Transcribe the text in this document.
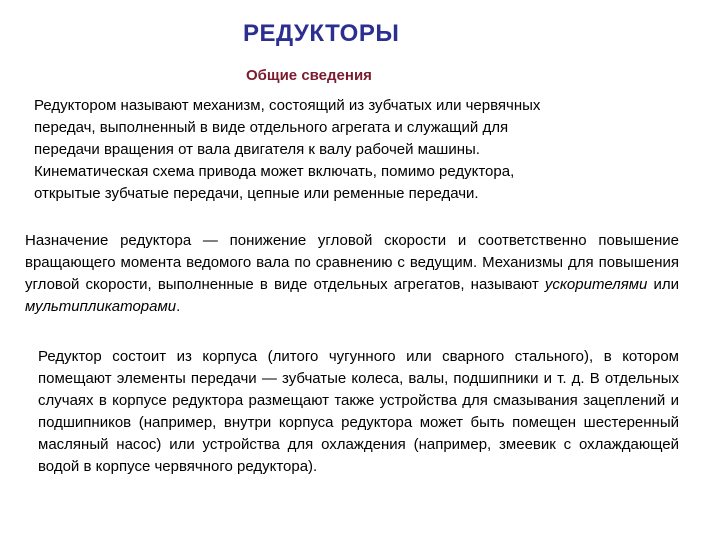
РЕДУКТОРЫ
Общие сведения

Редуктором называют механизм, состоящий из зубчатых или червячных
передач, выполненный в виде отдельного агрегата и служащий для
передачи вращения от вала двигателя к валу рабочей машины.
Кинематическая схема привода может включать, помимо редуктора,
открытые зубчатые передачи, цепные или ременные передачи.

Назначение редуктора — понижение угловой скорости и соответственно повышение вращающего момента ведомого вала по сравнению с ведущим. Механизмы для повышения угловой скорости, выполненные в виде отдельных агрегатов, называют ускорителями или мультипликаторами.

Редуктор состоит из корпуса (литого чугунного или сварного стального), в котором помещают элементы передачи — зубчатые колеса, валы, подшипники и т. д. В отдельных случаях в корпусе редуктора размещают также устройства для смазывания зацеплений и подшипников (например, внутри корпуса редуктора может быть помещен шестеренный масляный насос) или устройства для охлаждения (например, змеевик с охлаждающей водой в корпусе червячного редуктора).
